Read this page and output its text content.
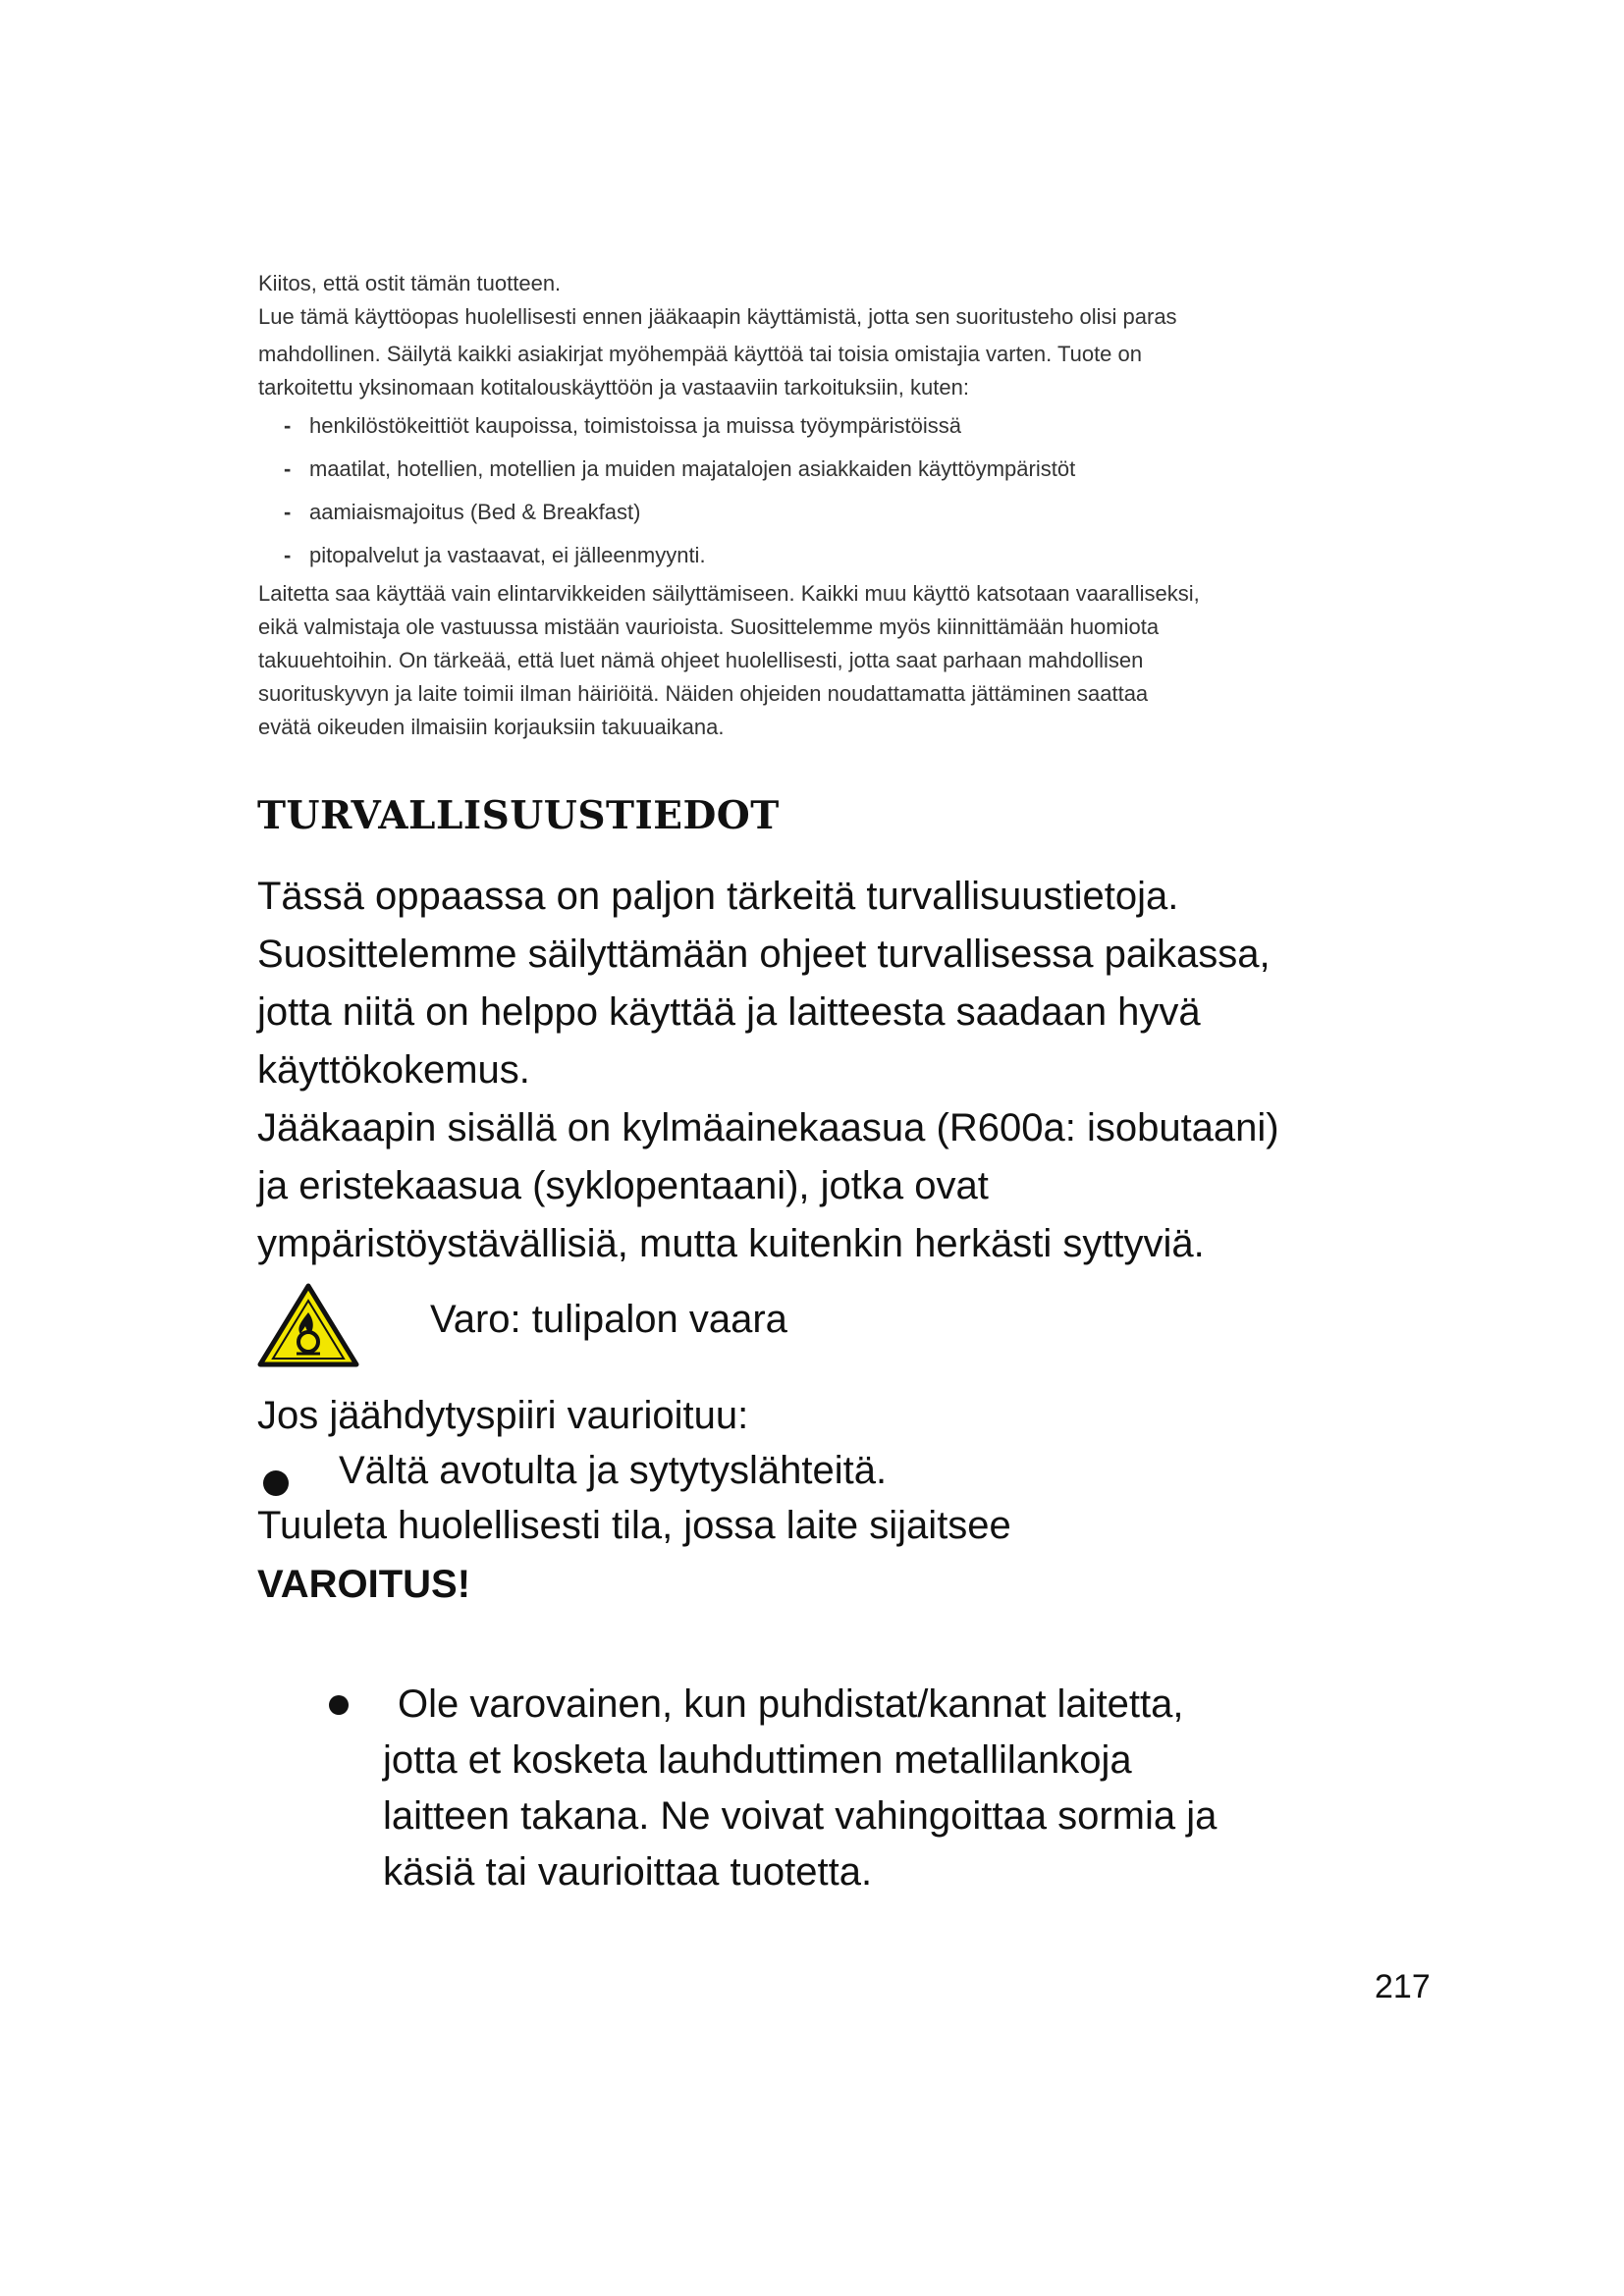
Kiitos, että ostit tämän tuotteen.

Lue tämä käyttöopas huolellisesti ennen jääkaapin käyttämistä, jotta sen suoritusteho olisi paras

mahdollinen. Säilytä kaikki asiakirjat myöhempää käyttöä tai toisia omistajia varten. Tuote on

tarkoitettu yksinomaan kotitalouskäyttöön ja vastaaviin tarkoituksiin, kuten:

- henkilöstökeittiöt kaupoissa, toimistoissa ja muissa työympäristöissä
- maatilat, hotellien, motellien ja muiden majatalojen asiakkaiden käyttöympäristöt
- aamiaismajoitus (Bed & Breakfast)
- pitopalvelut ja vastaavat, ei jälleenmyynti.

Laitetta saa käyttää vain elintarvikkeiden säilyttämiseen. Kaikki muu käyttö katsotaan vaaralliseksi,

eikä valmistaja ole vastuussa mistään vaurioista. Suosittelemme myös kiinnittämään huomiota

takuuehtoihin. On tärkeää, että luet nämä ohjeet huolellisesti, jotta saat parhaan mahdollisen

suorituskyvyn ja laite toimii ilman häiriöitä. Näiden ohjeiden noudattamatta jättäminen saattaa

evätä oikeuden ilmaisiin korjauksiin takuuaikana.

TURVALLISUUSTIEDOT

Tässä oppaassa on paljon tärkeitä turvallisuustietoja.

Suosittelemme säilyttämään ohjeet turvallisessa paikassa,

jotta niitä on helppo käyttää ja laitteesta saadaan hyvä

käyttökokemus.

Jääkaapin sisällä on kylmäainekaasua (R600a: isobutaani)

ja eristekaasua (syklopentaani), jotka ovat

ympäristöystävällisiä, mutta kuitenkin herkästi syttyviä.

Varo: tulipalon vaara

Jos jäähdytyspiiri vaurioituu:

Vältä avotulta ja sytytyslähteitä.

Tuuleta huolellisesti tila, jossa laite sijaitsee

VAROITUS!

Ole varovainen, kun puhdistat/kannat laitetta,

jotta et kosketa lauhduttimen metallilankoja

laitteen takana. Ne voivat vahingoittaa sormia ja

käsiä tai vaurioittaa tuotetta.

217
